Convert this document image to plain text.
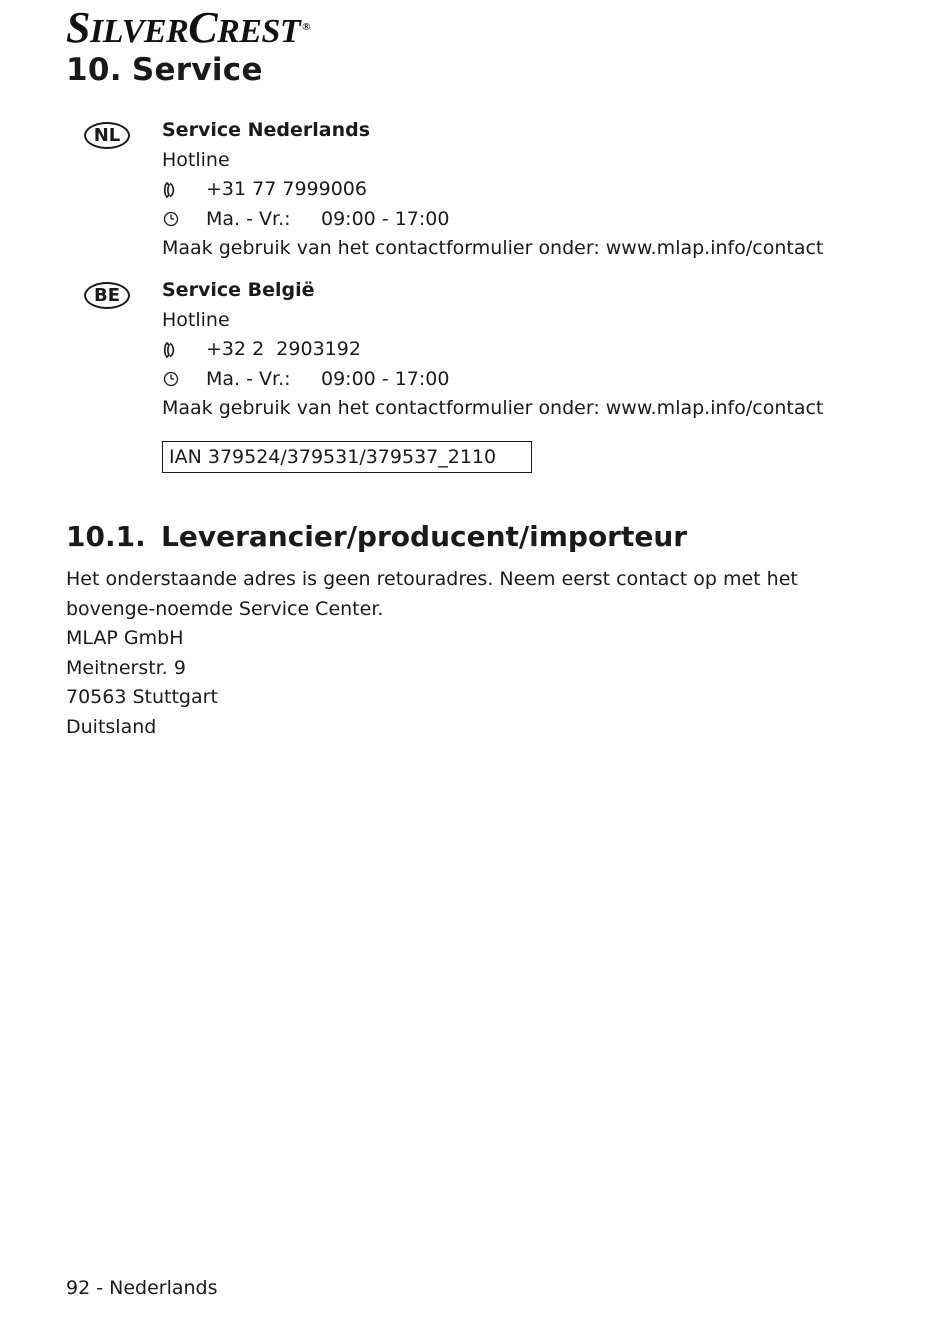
SILVERCREST ®
10. Service
NL	Service Nederlands
Hotline
+31 77 7999006
Ma. - Vr.:	09:00 - 17:00
Maak gebruik van het contactformulier onder: www.mlap.info/contact
BE	Service België
Hotline
+32 2  2903192
Ma. - Vr.:	09:00 - 17:00
Maak gebruik van het contactformulier onder: www.mlap.info/contact
IAN 379524/379531/379537_2110
10.1. Leverancier/producent/importeur

Het onderstaande adres is geen retouradres. Neem eerst contact op met het bovenge-noemde Service Center.

MLAP GmbH

Meitnerstr. 9

70563 Stuttgart

Duitsland

92 - Nederlands
